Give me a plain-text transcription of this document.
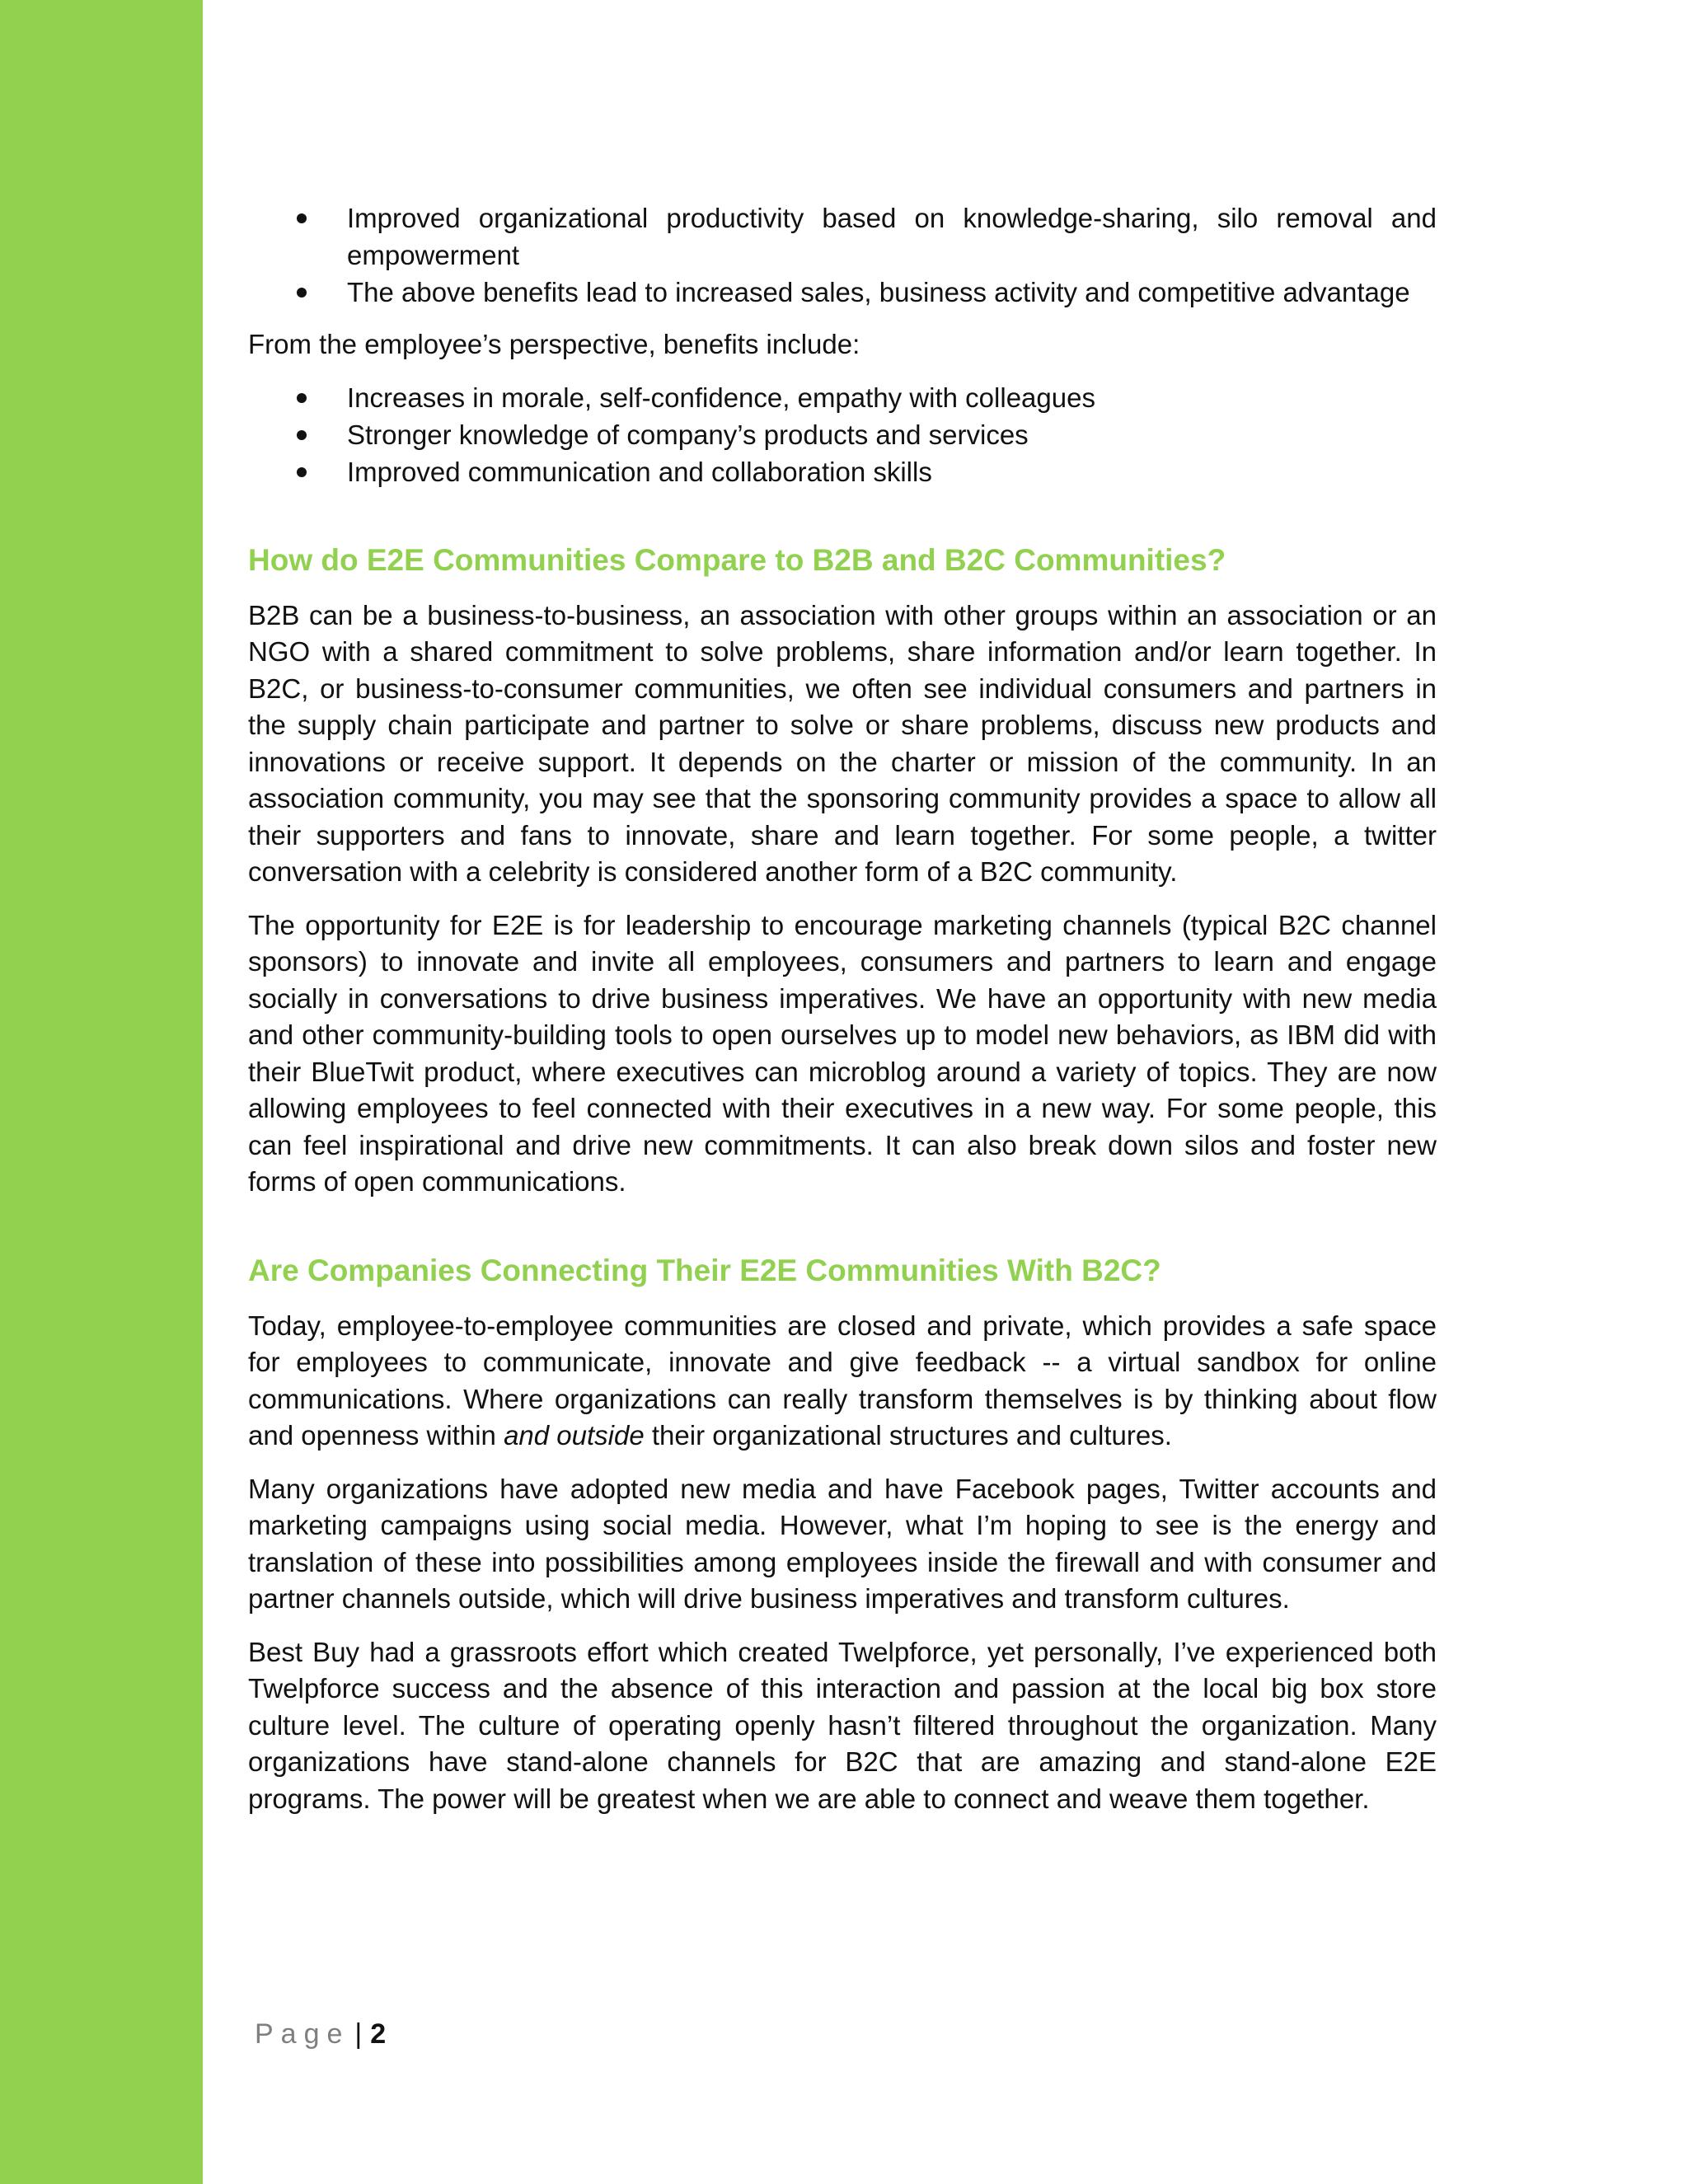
Improved organizational productivity based on knowledge-sharing, silo removal and empowerment
The above benefits lead to increased sales, business activity and competitive advantage

From the employee’s perspective, benefits include:

Increases in morale, self-confidence, empathy with colleagues
Stronger knowledge of company’s products and services
Improved communication and collaboration skills
How do E2E Communities Compare to B2B and B2C Communities?

B2B can be a business-to-business, an association with other groups within an association or an NGO with a shared commitment to solve problems, share information and/or learn together. In B2C, or business-to-consumer communities, we often see individual consumers and partners in the supply chain participate and partner to solve or share problems, discuss new products and innovations or receive support. It depends on the charter or mission of the community. In an association community, you may see that the sponsoring community provides a space to allow all their supporters and fans to innovate, share and learn together. For some people, a twitter conversation with a celebrity is considered another form of a B2C community.

The opportunity for E2E is for leadership to encourage marketing channels (typical B2C channel sponsors) to innovate and invite all employees, consumers and partners to learn and engage socially in conversations to drive business imperatives. We have an opportunity with new media and other community-building tools to open ourselves up to model new behaviors, as IBM did with their BlueTwit product, where executives can microblog around a variety of topics. They are now allowing employees to feel connected with their executives in a new way. For some people, this can feel inspirational and drive new commitments. It can also break down silos and foster new forms of open communications.

Are Companies Connecting Their E2E Communities With B2C?

Today, employee-to-employee communities are closed and private, which provides a safe space for employees to communicate, innovate and give feedback -- a virtual sandbox for online communications. Where organizations can really transform themselves is by thinking about flow and openness within and outside their organizational structures and cultures.

Many organizations have adopted new media and have Facebook pages, Twitter accounts and marketing campaigns using social media. However, what I’m hoping to see is the energy and translation of these into possibilities among employees inside the firewall and with consumer and partner channels outside, which will drive business imperatives and transform cultures.

Best Buy had a grassroots effort which created Twelpforce, yet personally, I’ve experienced both Twelpforce success and the absence of this interaction and passion at the local big box store culture level. The culture of operating openly hasn’t filtered throughout the organization. Many organizations have stand-alone channels for B2C that are amazing and stand-alone E2E programs. The power will be greatest when we are able to connect and weave them together.

Page | 2
